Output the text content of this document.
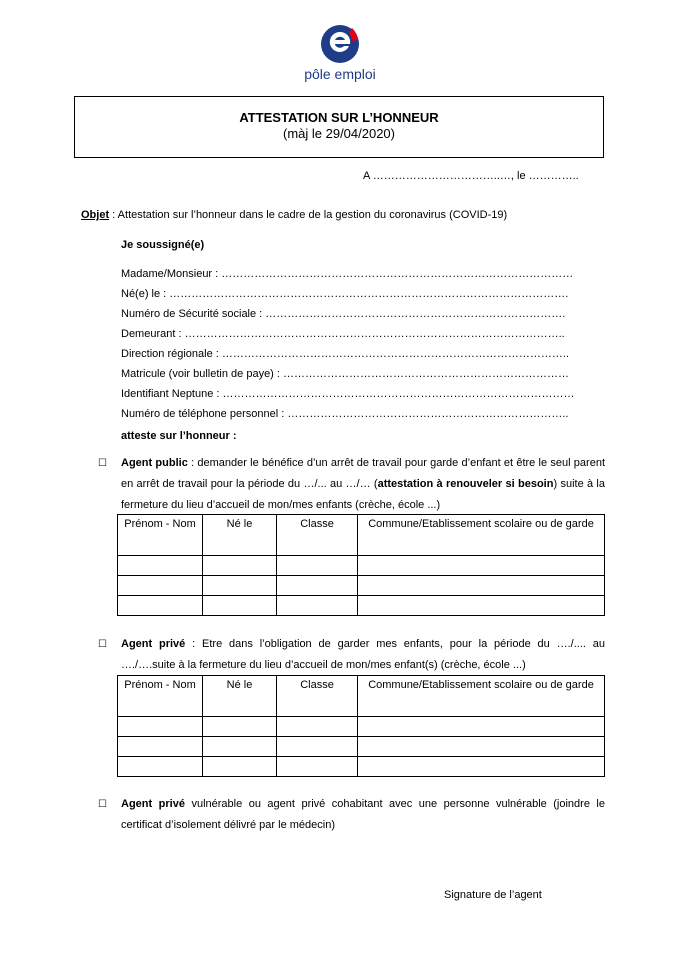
pôle emploi
ATTESTATION SUR L’HONNEUR
(màj le 29/04/2020)
A ……………………………..…, le …………..
Objet : Attestation sur l’honneur dans le cadre de la gestion du coronavirus (COVID-19)
Je soussigné(e)
Madame/Monsieur : ……………………………………………………………………………………
Né(e) le : ……………………………………………………………………………………………….
Numéro de Sécurité sociale : ……………………………………………………………………….
Demeurant : …………………………………………………………………………………………..
Direction régionale : …………………………………………………………………………………..
Matricule (voir bulletin de paye) : ……………………………………………………………………
Identifiant Neptune : ……………………………………………………………………………………
Numéro de téléphone personnel : …………………………………………………………………..
atteste sur l’honneur :
☐ Agent public : demander le bénéfice d’un arrêt de travail pour garde d’enfant et être le seul parent en arrêt de travail pour la période du …/... au …/… (attestation à renouveler si besoin) suite à la fermeture du lieu d’accueil de mon/mes enfants (crèche, école ...)
Prénom - Nom	Né le	Classe	Commune/Etablissement scolaire ou de garde

☐ Agent privé : Etre dans l’obligation de garder mes enfants, pour la période du …./.... au …./….suite à la fermeture du lieu d’accueil de mon/mes enfant(s) (crèche, école ...)
Prénom - Nom	Né le	Classe	Commune/Etablissement scolaire ou de garde

☐ Agent privé vulnérable ou agent privé cohabitant avec une personne vulnérable (joindre le certificat d’isolement délivré par le médecin)
Signature de l’agent
